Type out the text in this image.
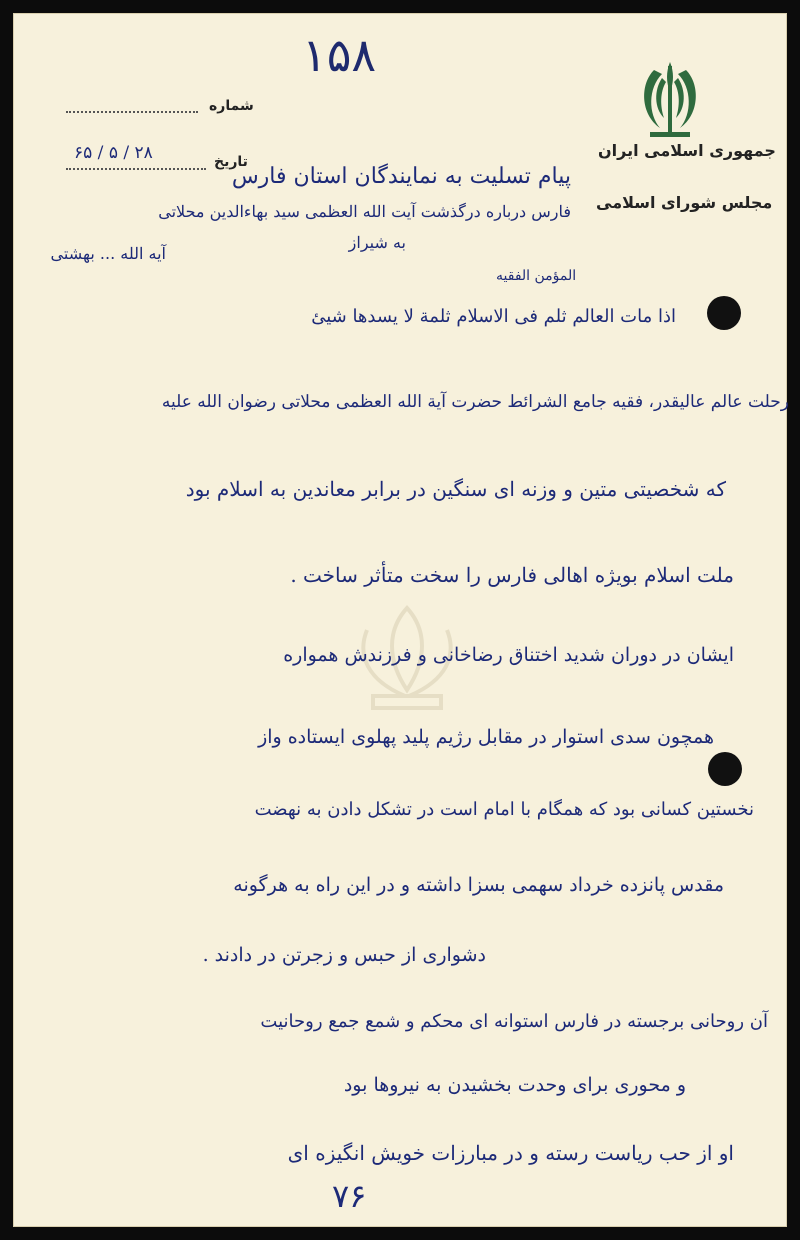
جمهوری اسلامی ایران
مجلس شورای اسلامی
شماره
تاریخ
۲۸ / ۵ / ۶۵
۱۵۸
پیام تسلیت به نمایندگان استان فارس
فارس درباره درگذشت آیت الله العظمی سید بهاءالدین محلاتی
به شیراز
آیه الله ... بهشتی
المؤمن الفقیه
اذا مات العالم ثلم فی الاسلام ثلمة لا یسدها شیئ
رحلت عالم عالیقدر، فقیه جامع الشرائط حضرت آیة الله العظمی محلاتی رضوان الله علیه
که شخصیتی متین و وزنه ای سنگین در برابر معاندین به اسلام بود
ملت اسلام بویژه اهالی فارس را سخت متأثر ساخت .
ایشان در دوران شدید اختناق رضاخانی و فرزندش همواره
همچون سدی استوار در مقابل رژیم پلید پهلوی ایستاده واز
نخستین کسانی بود که همگام با امام است در تشکل دادن به نهضت
مقدس پانزده خرداد سهمی بسزا داشته و در این راه به هرگونه
دشواری از حبس و زجرتن در دادند .
آن روحانی برجسته در فارس استوانه ای محکم و شمع جمع روحانیت
و محوری برای وحدت بخشیدن به نیروها بود
او از حب ریاست رسته و در مبارزات خویش انگیزه ای
۷۶
